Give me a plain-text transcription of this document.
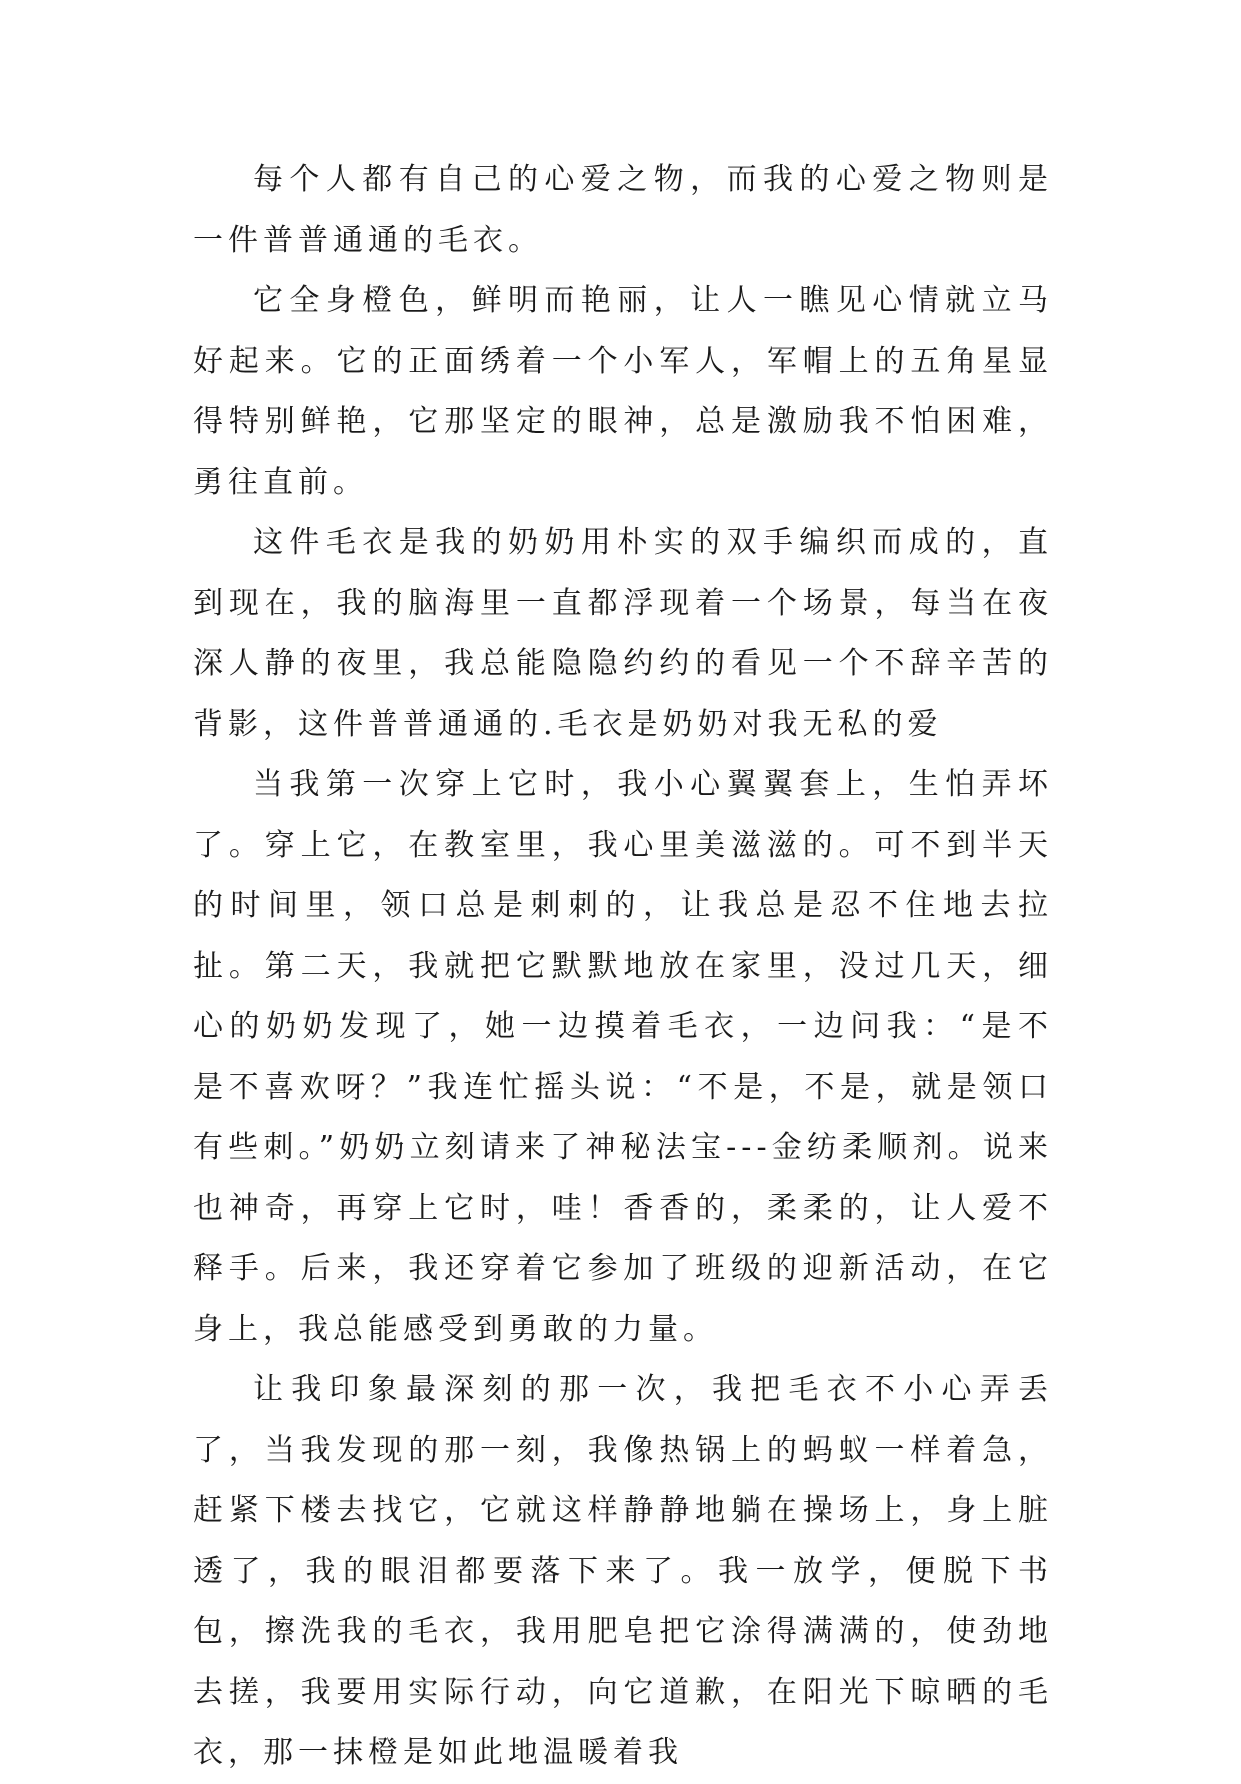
每个人都有自己的心爱之物，而我的心爱之物则是一件普普通通的毛衣。

它全身橙色，鲜明而艳丽，让人一瞧见心情就立马好起来。它的正面绣着一个小军人，军帽上的五角星显得特别鲜艳，它那坚定的眼神，总是激励我不怕困难，勇往直前。

这件毛衣是我的奶奶用朴实的双手编织而成的，直到现在，我的脑海里一直都浮现着一个场景，每当在夜深人静的夜里，我总能隐隐约约的看见一个不辞辛苦的背影，这件普普通通的.毛衣是奶奶对我无私的爱

当我第一次穿上它时，我小心翼翼套上，生怕弄坏了。穿上它，在教室里，我心里美滋滋的。可不到半天的时间里，领口总是刺刺的，让我总是忍不住地去拉扯。第二天，我就把它默默地放在家里，没过几天，细心的奶奶发现了，她一边摸着毛衣，一边问我：“是不是不喜欢呀？”我连忙摇头说：“不是，不是，就是领口有些刺。”奶奶立刻请来了神秘法宝---金纺柔顺剂。说来也神奇，再穿上它时，哇！香香的，柔柔的，让人爱不释手。后来，我还穿着它参加了班级的迎新活动，在它身上，我总能感受到勇敢的力量。

让我印象最深刻的那一次，我把毛衣不小心弄丢了，当我发现的那一刻，我像热锅上的蚂蚁一样着急，赶紧下楼去找它，它就这样静静地躺在操场上，身上脏透了，我的眼泪都要落下来了。我一放学，便脱下书包，擦洗我的毛衣，我用肥皂把它涂得满满的，使劲地去搓，我要用实际行动，向它道歉，在阳光下晾晒的毛衣，那一抹橙是如此地温暖着我
